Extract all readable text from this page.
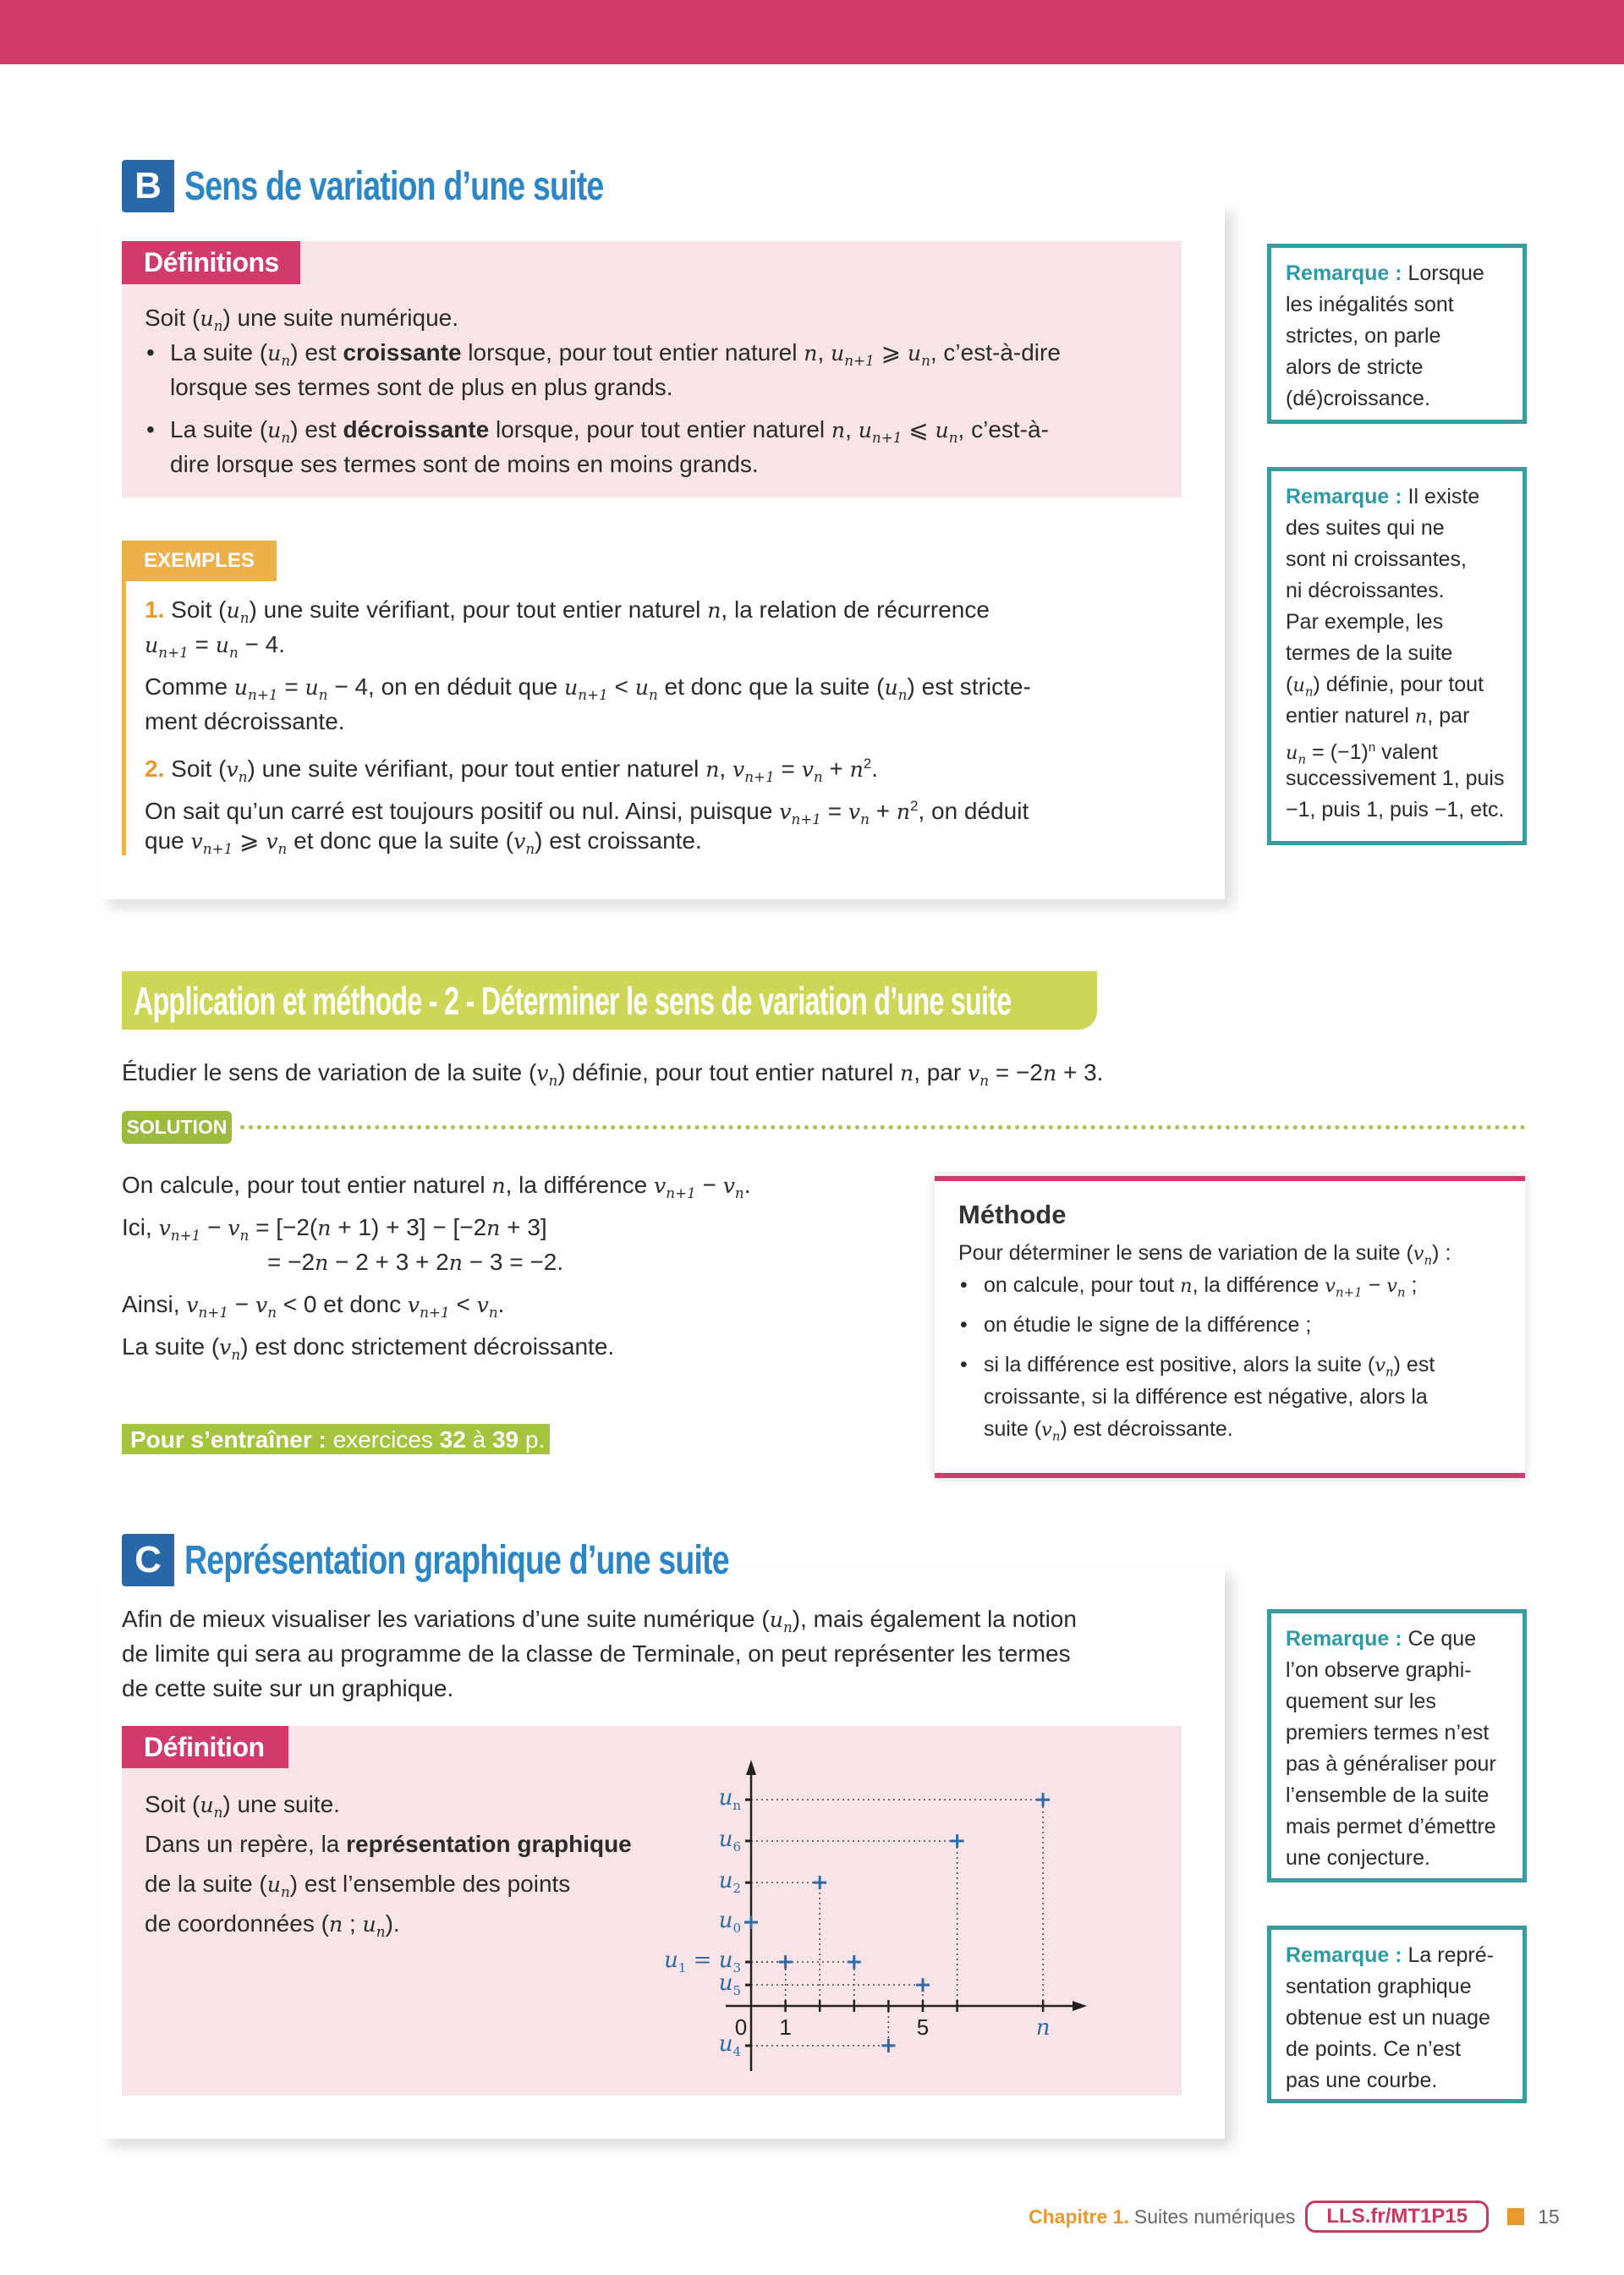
B Sens de variation d’une suite
Définitions
Soit $(u_n)$ une suite numérique.
• La suite $(u_n)$ est croissante lorsque, pour tout entier naturel n, $u_{n+1}$ ⩾ $u_n$, c’est-à-dire
lorsque ses termes sont de plus en plus grands.
• La suite $(u_n)$ est décroissante lorsque, pour tout entier naturel n, $u_{n+1}$ ⩽ $u_n$, c’est-à-
dire lorsque ses termes sont de moins en moins grands.
EXEMPLES
1. Soit $(u_n)$ une suite vérifiant, pour tout entier naturel n, la relation de récurrence
$u_{n+1} = u_n - 4$.
Comme $u_{n+1} = u_n - 4$, on en déduit que $u_{n+1} < u_n$ et donc que la suite $(u_n)$ est stricte-
ment décroissante.
2. Soit $(v_n)$ une suite vérifiant, pour tout entier naturel n, $v_{n+1} = v_n + n^2$.
On sait qu’un carré est toujours positif ou nul. Ainsi, puisque $v_{n+1} = v_n + n^2$, on déduit
que $v_{n+1}$ ⩾ $v_n$ et donc que la suite $(v_n)$ est croissante.
Remarque : Lorsque
les inégalités sont
strictes, on parle
alors de stricte
(dé)croissance.
Remarque : Il existe
des suites qui ne
sont ni croissantes,
ni décroissantes.
Par exemple, les
termes de la suite
$(u_n)$ définie, pour tout
entier naturel n, par
$u_n = (-1)^n$ valent
successivement 1, puis
−1, puis 1, puis −1, etc.
Application et méthode - 2 - Déterminer le sens de variation d’une suite
Étudier le sens de variation de la suite $(v_n)$ définie, pour tout entier naturel n, par $v_n = -2n + 3$.
SOLUTION
On calcule, pour tout entier naturel n, la différence $v_{n+1} - v_n$.
Ici, $v_{n+1} - v_n = [-2(n + 1) + 3] - [-2n + 3]$
= −2n − 2 + 3 + 2n − 3 = −2.
Ainsi, $v_{n+1} - v_n < 0$ et donc $v_{n+1} < v_n$.
La suite $(v_n)$ est donc strictement décroissante.
Pour s’entraîner : exercices 32 à 39 p. 24
Méthode
Pour déterminer le sens de variation de la suite $(v_n)$ :
• on calcule, pour tout n, la différence $v_{n+1} - v_n$ ;
• on étudie le signe de la différence ;
• si la différence est positive, alors la suite $(v_n)$ est
croissante, si la différence est négative, alors la
suite $(v_n)$ est décroissante.
C Représentation graphique d’une suite
Afin de mieux visualiser les variations d’une suite numérique $(u_n)$, mais également la notion
de limite qui sera au programme de la classe de Terminale, on peut représenter les termes
de cette suite sur un graphique.
Définition
Soit $(u_n)$ une suite.
Dans un repère, la représentation graphique
de la suite $(u_n)$ est l’ensemble des points
de coordonnées (n ; $u_n$).
0 1	5	n
un
u6
u2
u0
u1 = u3
u5
u4
Remarque : Ce que
l’on observe graphi-
quement sur les
premiers termes n’est
pas à généraliser pour
l’ensemble de la suite
mais permet d’émettre
une conjecture.
Remarque : La repré-
sentation graphique
obtenue est un nuage
de points. Ce n’est
pas une courbe.
Chapitre 1. Suites numériques	LLS.fr/MT1P15	15
